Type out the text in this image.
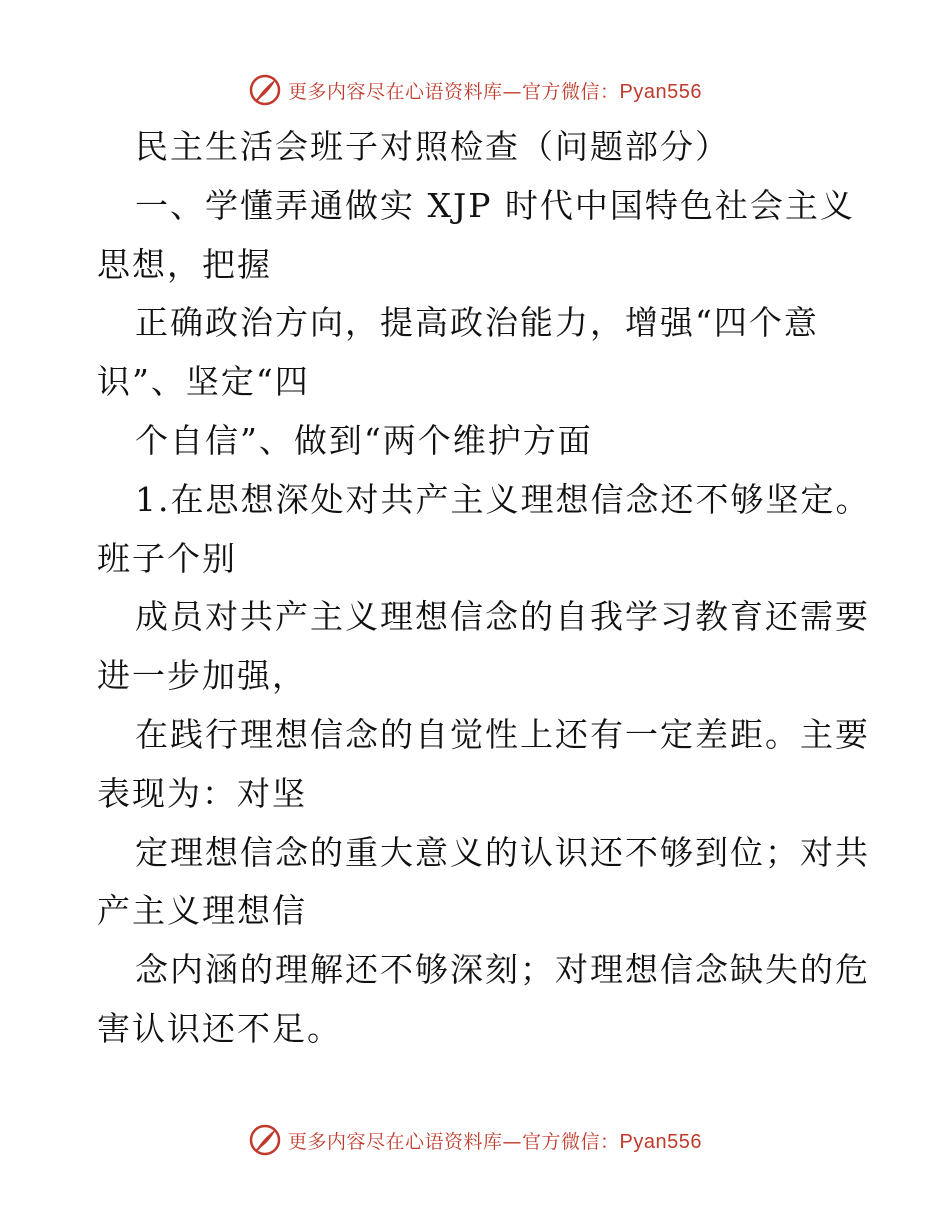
更多内容尽在心语资料库—官方微信：Pyan556
民主生活会班子对照检查（问题部分）
一、学懂弄通做实 XJP 时代中国特色社会主义
思想，把握
正确政治方向，提高政治能力，增强“四个意
识”、坚定“四
个自信”、做到“两个维护方面
1.在思想深处对共产主义理想信念还不够坚定。
班子个别
成员对共产主义理想信念的自我学习教育还需要
进一步加强，
在践行理想信念的自觉性上还有一定差距。主要
表现为：对坚
定理想信念的重大意义的认识还不够到位；对共
产主义理想信
念内涵的理解还不够深刻；对理想信念缺失的危
害认识还不足。
更多内容尽在心语资料库—官方微信：Pyan556
